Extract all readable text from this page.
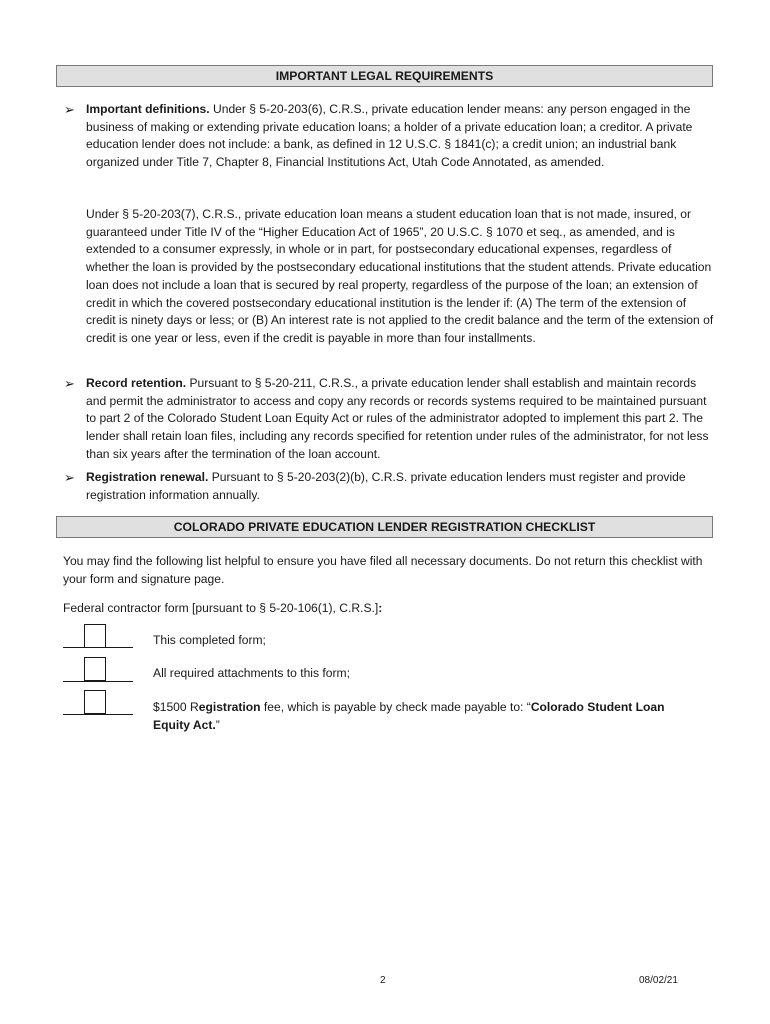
IMPORTANT LEGAL REQUIREMENTS
➢ Important definitions. Under § 5-20-203(6), C.R.S., private education lender means: any person engaged in the business of making or extending private education loans; a holder of a private education loan; a creditor. A private education lender does not include: a bank, as defined in 12 U.S.C. § 1841(c); a credit union; an industrial bank organized under Title 7, Chapter 8, Financial Institutions Act, Utah Code Annotated, as amended.
Under § 5-20-203(7), C.R.S., private education loan means a student education loan that is not made, insured, or guaranteed under Title IV of the “Higher Education Act of 1965”, 20 U.S.C. § 1070 et seq., as amended, and is extended to a consumer expressly, in whole or in part, for postsecondary educational expenses, regardless of whether the loan is provided by the postsecondary educational institutions that the student attends. Private education loan does not include a loan that is secured by real property, regardless of the purpose of the loan; an extension of credit in which the covered postsecondary educational institution is the lender if: (A) The term of the extension of credit is ninety days or less; or (B) An interest rate is not applied to the credit balance and the term of the extension of credit is one year or less, even if the credit is payable in more than four installments.
➢ Record retention. Pursuant to § 5-20-211, C.R.S., a private education lender shall establish and maintain records and permit the administrator to access and copy any records or records systems required to be maintained pursuant to part 2 of the Colorado Student Loan Equity Act or rules of the administrator adopted to implement this part 2. The lender shall retain loan files, including any records specified for retention under rules of the administrator, for not less than six years after the termination of the loan account.
➢ Registration renewal. Pursuant to § 5-20-203(2)(b), C.R.S. private education lenders must register and provide registration information annually.
COLORADO PRIVATE EDUCATION LENDER REGISTRATION CHECKLIST
You may find the following list helpful to ensure you have filed all necessary documents. Do not return this checklist with your form and signature page.
Federal contractor form [pursuant to § 5-20-106(1), C.R.S.]:
This completed form;
All required attachments to this form;
$1500 Registration fee, which is payable by check made payable to: “Colorado Student Loan Equity Act.”
2	08/02/21
